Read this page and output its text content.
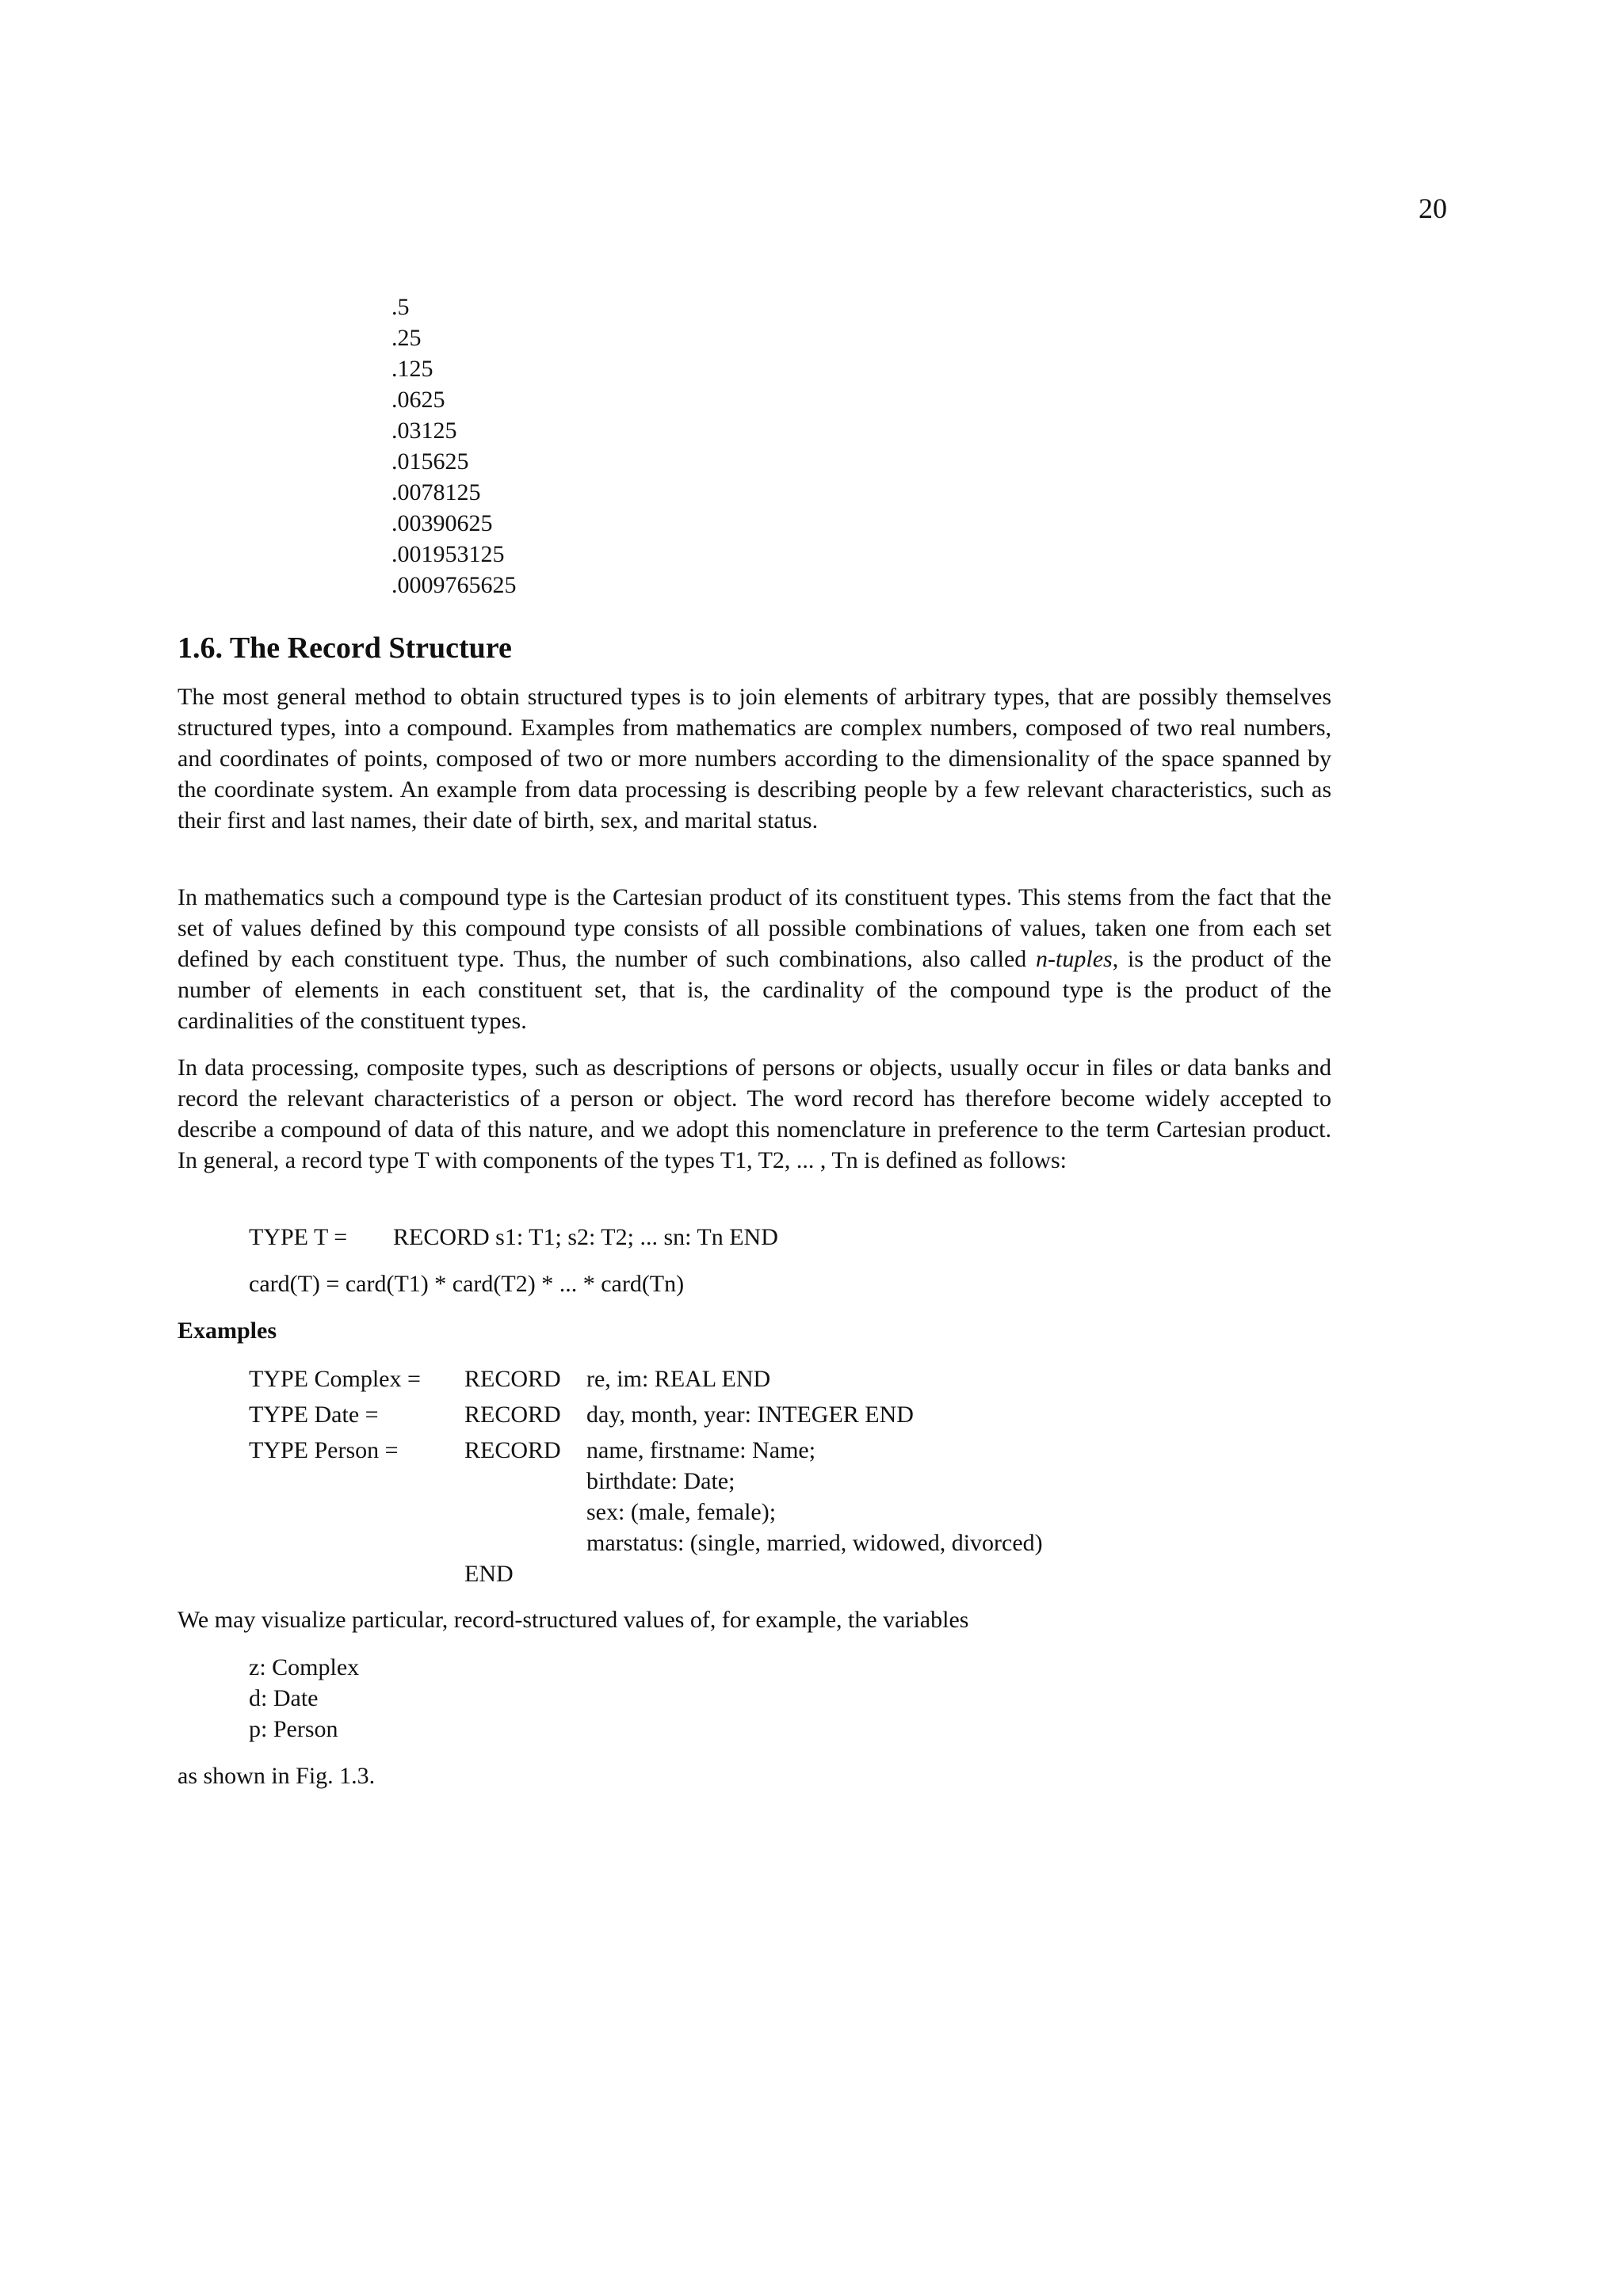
20
.5
.25
.125
.0625
.03125
.015625
.0078125
.00390625
.001953125
.0009765625
1.6. The Record Structure

The most general method to obtain structured types is to join elements of arbitrary types, that are possibly themselves structured types, into a compound. Examples from mathematics are complex numbers, composed of two real numbers, and coordinates of points, composed of two or more numbers according to the dimensionality of the space spanned by the coordinate system. An example from data processing is describing people by a few relevant characteristics, such as their first and last names, their date of birth, sex, and marital status.

In mathematics such a compound type is the Cartesian product of its constituent types. This stems from the fact that the set of values defined by this compound type consists of all possible combinations of values, taken one from each set defined by each constituent type. Thus, the number of such combinations, also called n-tuples, is the product of the number of elements in each constituent set, that is, the cardinality of the compound type is the product of the cardinalities of the constituent types.

In data processing, composite types, such as descriptions of persons or objects, usually occur in files or data banks and record the relevant characteristics of a person or object. The word record has therefore become widely accepted to describe a compound of data of this nature, and we adopt this nomenclature in preference to the term Cartesian product. In general, a record type T with components of the types T1, T2, ... , Tn is defined as follows:

TYPE T = RECORD s1: T1; s2: T2; ... sn: Tn END
card(T) = card(T1) * card(T2) * ... * card(Tn)
Examples
TYPE Complex = RECORD re, im: REAL END
TYPE Date =	RECORD day, month, year: INTEGER END
TYPE Person =	RECORD name, firstname: Name;
birthdate: Date;
sex: (male, female);
marstatus: (single, married, widowed, divorced)
END
We may visualize particular, record-structured values of, for example, the variables
z: Complex
d: Date
p: Person
as shown in Fig. 1.3.
